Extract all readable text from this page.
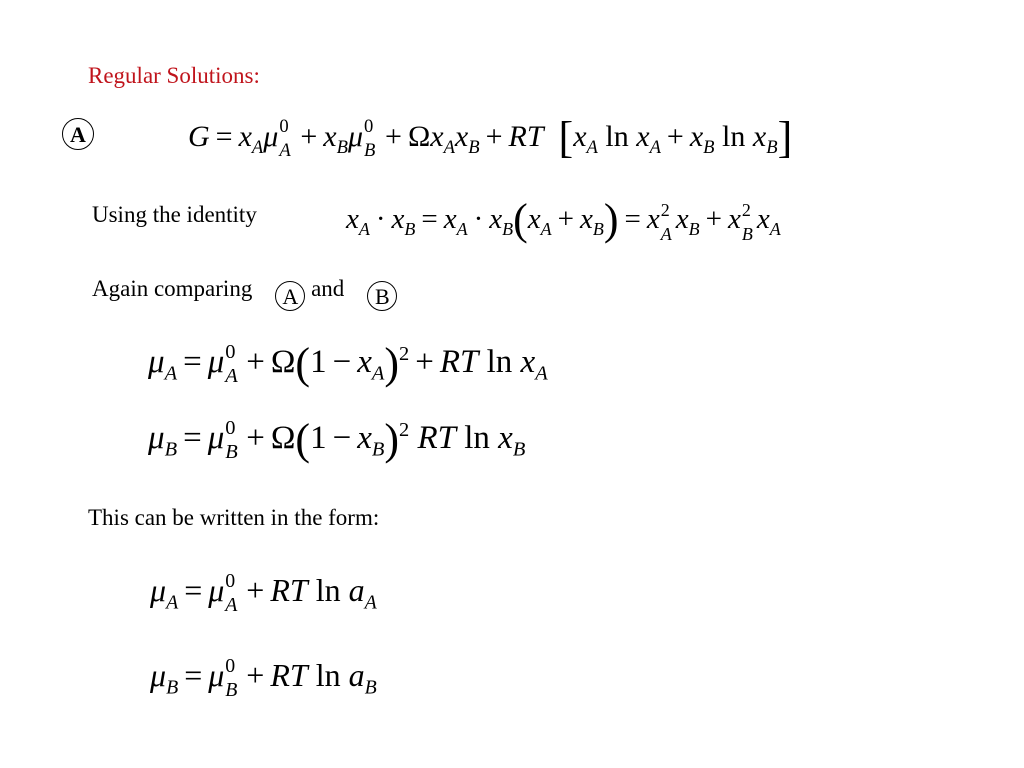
Regular Solutions:
A	$G = x_A\mu$ 0
$A + x_B\mu$ 0
$B + \Omega x_Ax_B$ + RT [$x_A$ $\ln x_A + x_B$ $\ln x_B$]
Using the identity	$x_A \cdot x_B = x_A \cdot x_B(x_A + x_B) = x$ 2
A $x_B + x$ 2
B $x_A$
Again comparing A and B
$\mu_A = \mu$ 0
$A + \Omega(1 - x_A)^2$ + RT $\ln x_A$
$\mu_B = \mu$ 0
$B + \Omega(1 - x_B)^2$ RT $\ln x_B$
This can be written in the form:
$\mu_A = \mu$ 0
A + RT $\ln a_A$
$\mu_B = \mu$ 0
B + RT $\ln a_B$
